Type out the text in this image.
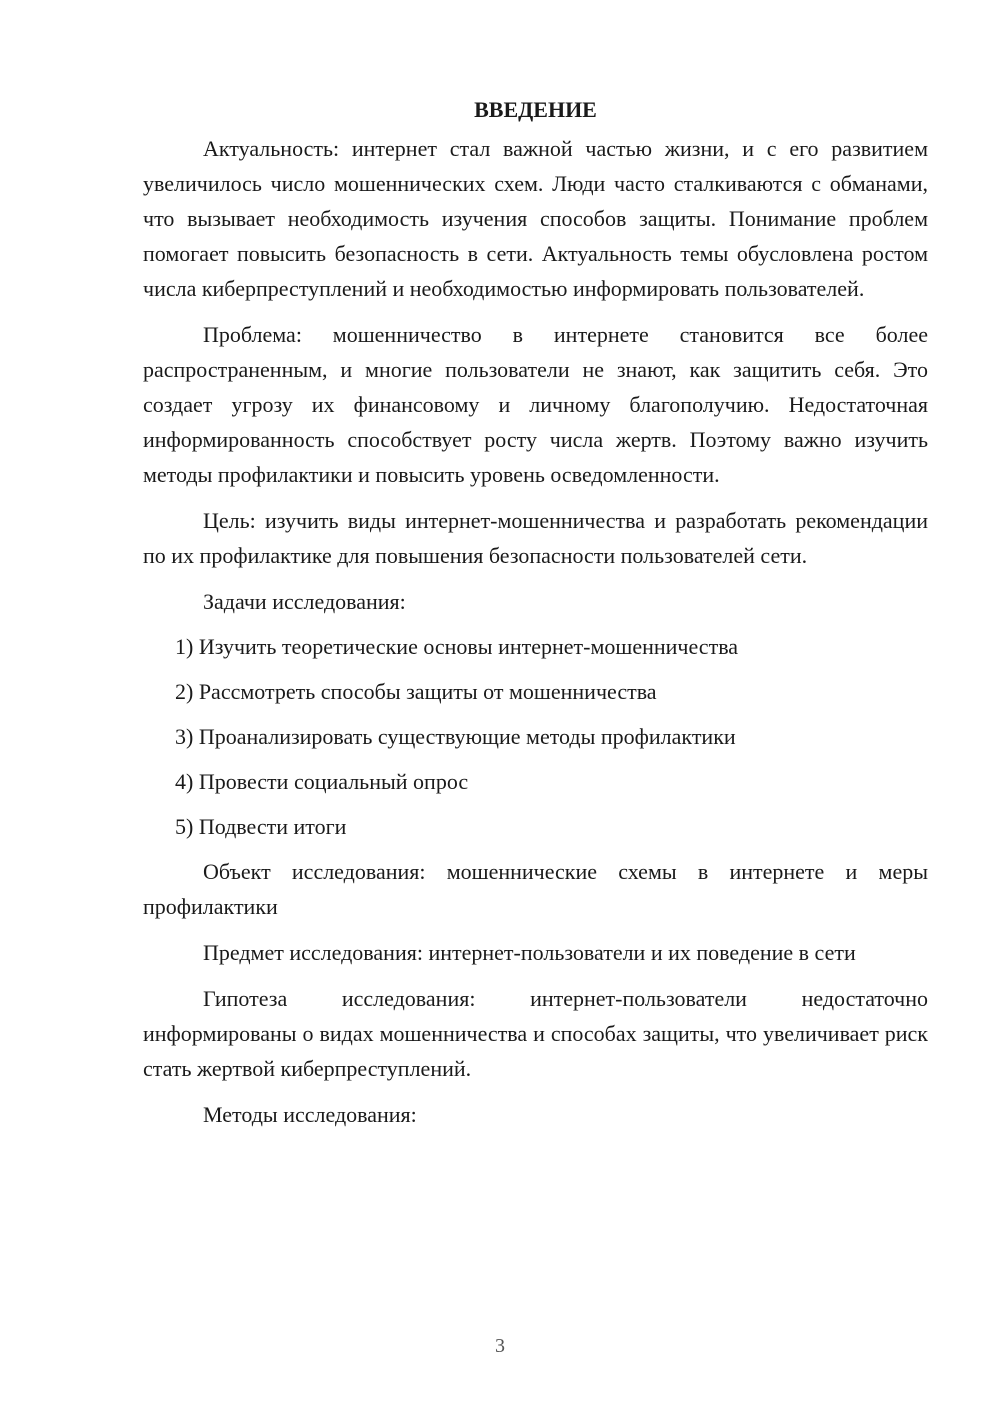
ВВЕДЕНИЕ

Актуальность: интернет стал важной частью жизни, и с его развитием увеличилось число мошеннических схем. Люди часто сталкиваются с обманами, что вызывает необходимость изучения способов защиты. Понимание проблем помогает повысить безопасность в сети. Актуальность темы обусловлена ростом числа киберпреступлений и необходимостью информировать пользователей.

Проблема: мошенничество в интернете становится все более распространенным, и многие пользователи не знают, как защитить себя. Это создает угрозу их финансовому и личному благополучию. Недостаточная информированность способствует росту числа жертв. Поэтому важно изучить методы профилактики и повысить уровень осведомленности.

Цель: изучить виды интернет-мошенничества и разработать рекомендации по их профилактике для повышения безопасности пользователей сети.

Задачи исследования:
1) Изучить теоретические основы интернет-мошенничества
2) Рассмотреть способы защиты от мошенничества
3) Проанализировать существующие методы профилактики
4) Провести социальный опрос
5) Подвести итоги

Объект исследования: мошеннические схемы в интернете и меры профилактики

Предмет исследования: интернет-пользователи и их поведение в сети

Гипотеза исследования: интернет-пользователи недостаточно информированы о видах мошенничества и способах защиты, что увеличивает риск стать жертвой киберпреступлений.

Методы исследования:

3
